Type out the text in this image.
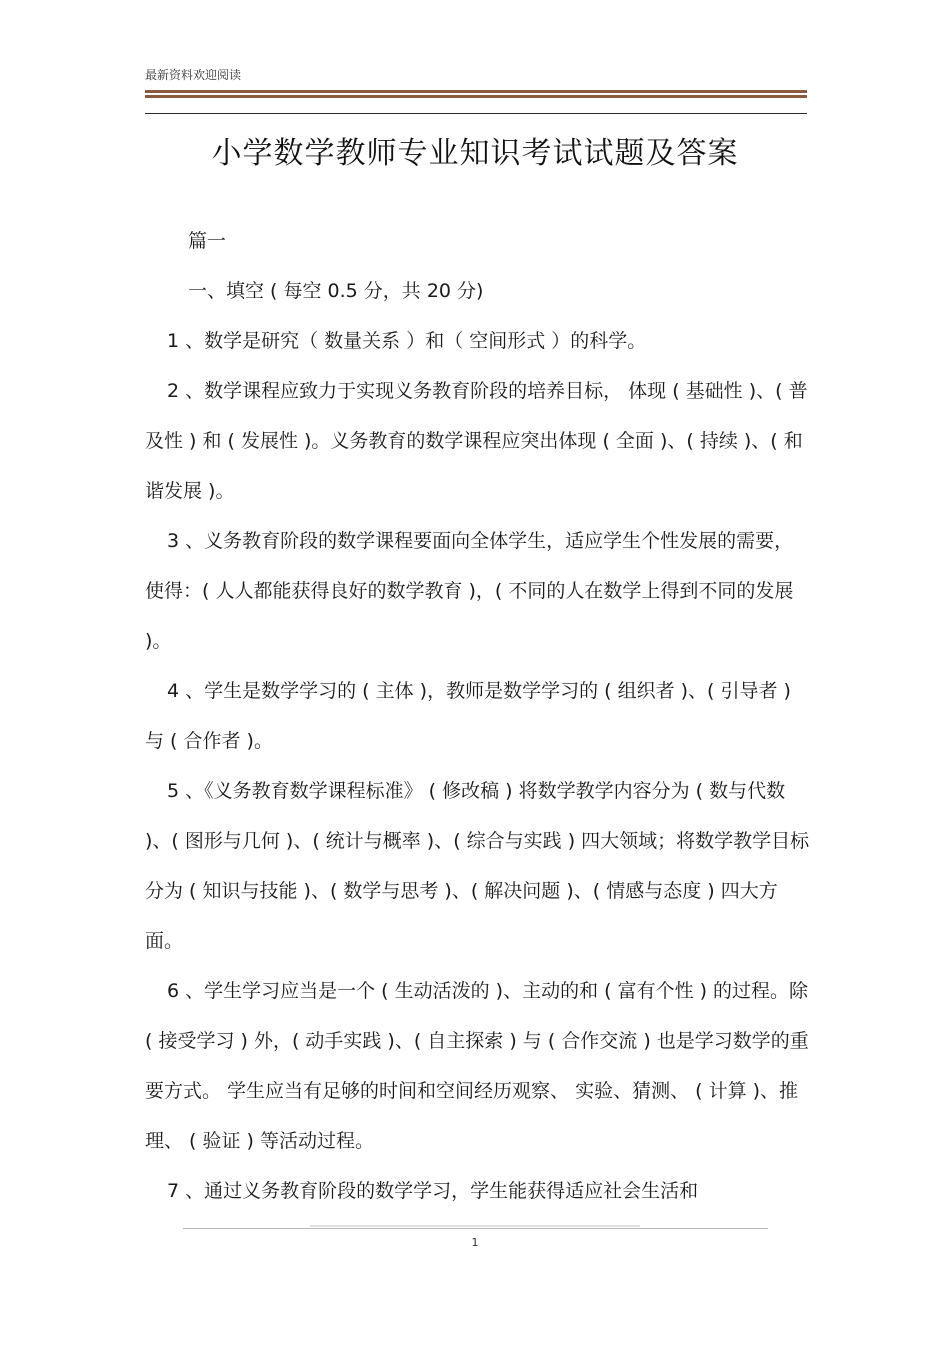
最新资料欢迎阅读
小学数学教师专业知识考试试题及答案

篇一

一、填空 ( 每空 0.5 分，共 20 分)

1 、数学是研究（ 数量关系 ）和（ 空间形式 ）的科学。

2 、数学课程应致力于实现义务教育阶段的培养目标， 体现 ( 基础性 )、( 普及性 ) 和 ( 发展性 )。义务教育的数学课程应突出体现 ( 全面 )、( 持续 )、( 和谐发展 )。

3 、义务教育阶段的数学课程要面向全体学生，适应学生个性发展的需要，使得：( 人人都能获得良好的数学教育 )，( 不同的人在数学上得到不同的发展 )。

4 、学生是数学学习的 ( 主体 )，教师是数学学习的 ( 组织者 )、( 引导者 ) 与 ( 合作者 )。

5 、《义务教育数学课程标准》 ( 修改稿 ) 将数学教学内容分为 ( 数与代数 )、( 图形与几何 )、( 统计与概率 )、( 综合与实践 ) 四大领域；将数学教学目标分为 ( 知识与技能 )、( 数学与思考 )、( 解决问题 )、( 情感与态度 ) 四大方面。

6 、学生学习应当是一个 ( 生动活泼的 )、主动的和 ( 富有个性 ) 的过程。除 ( 接受学习 ) 外，( 动手实践 )、( 自主探索 ) 与 ( 合作交流 ) 也是学习数学的重要方式。 学生应当有足够的时间和空间经历观察、 实验、猜测、 ( 计算 )、推理、 ( 验证 ) 等活动过程。

7 、通过义务教育阶段的数学学习，学生能获得适应社会生活和

1
